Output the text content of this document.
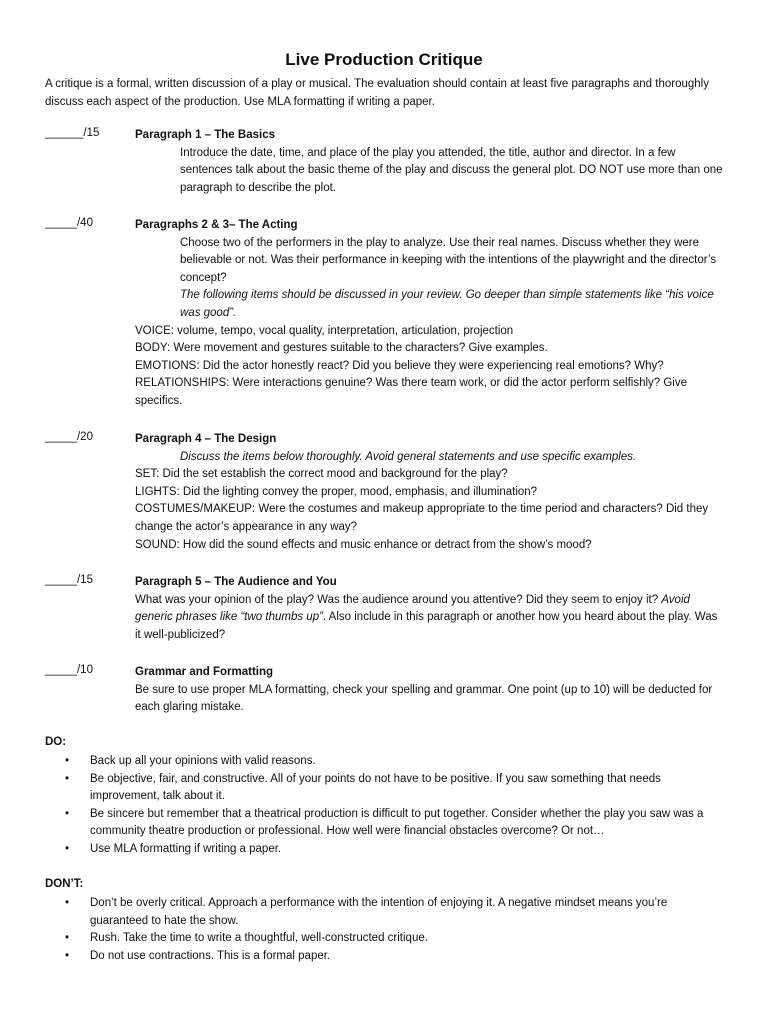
Live Production Critique
A critique is a formal, written discussion of a play or musical. The evaluation should contain at least five paragraphs and thoroughly discuss each aspect of the production. Use MLA formatting if writing a paper.
______/15	Paragraph 1 – The Basics

Introduce the date, time, and place of the play you attended, the title, author and director. In a few sentences talk about the basic theme of the play and discuss the general plot. DO NOT use more than one paragraph to describe the plot.

_____/40	Paragraphs 2 & 3– The Acting

Choose two of the performers in the play to analyze. Use their real names. Discuss whether they were believable or not. Was their performance in keeping with the intentions of the playwright and the director’s concept?

The following items should be discussed in your review. Go deeper than simple statements like “his voice was good”.

VOICE: volume, tempo, vocal quality, interpretation, articulation, projection

BODY: Were movement and gestures suitable to the characters? Give examples.

EMOTIONS: Did the actor honestly react? Did you believe they were experiencing real emotions? Why?

RELATIONSHIPS: Were interactions genuine? Was there team work, or did the actor perform selfishly? Give specifics.

_____/20	Paragraph 4 – The Design

Discuss the items below thoroughly. Avoid general statements and use specific examples.

SET: Did the set establish the correct mood and background for the play?

LIGHTS: Did the lighting convey the proper, mood, emphasis, and illumination?

COSTUMES/MAKEUP: Were the costumes and makeup appropriate to the time period and characters? Did they change the actor’s appearance in any way?

SOUND: How did the sound effects and music enhance or detract from the show’s mood?

_____/15	Paragraph 5 – The Audience and You

What was your opinion of the play? Was the audience around you attentive? Did they seem to enjoy it? Avoid generic phrases like “two thumbs up”. Also include in this paragraph or another how you heard about the play. Was it well-publicized?

_____/10	Grammar and Formatting

Be sure to use proper MLA formatting, check your spelling and grammar. One point (up to 10) will be deducted for each glaring mistake.

DO:
• Back up all your opinions with valid reasons.
• Be objective, fair, and constructive. All of your points do not have to be positive. If you saw something that needs improvement, talk about it.
• Be sincere but remember that a theatrical production is difficult to put together. Consider whether the play you saw was a community theatre production or professional. How well were financial obstacles overcome? Or not…
• Use MLA formatting if writing a paper.
DON’T:
• Don’t be overly critical. Approach a performance with the intention of enjoying it. A negative mindset means you’re guaranteed to hate the show.
• Rush. Take the time to write a thoughtful, well-constructed critique.
• Do not use contractions. This is a formal paper.
